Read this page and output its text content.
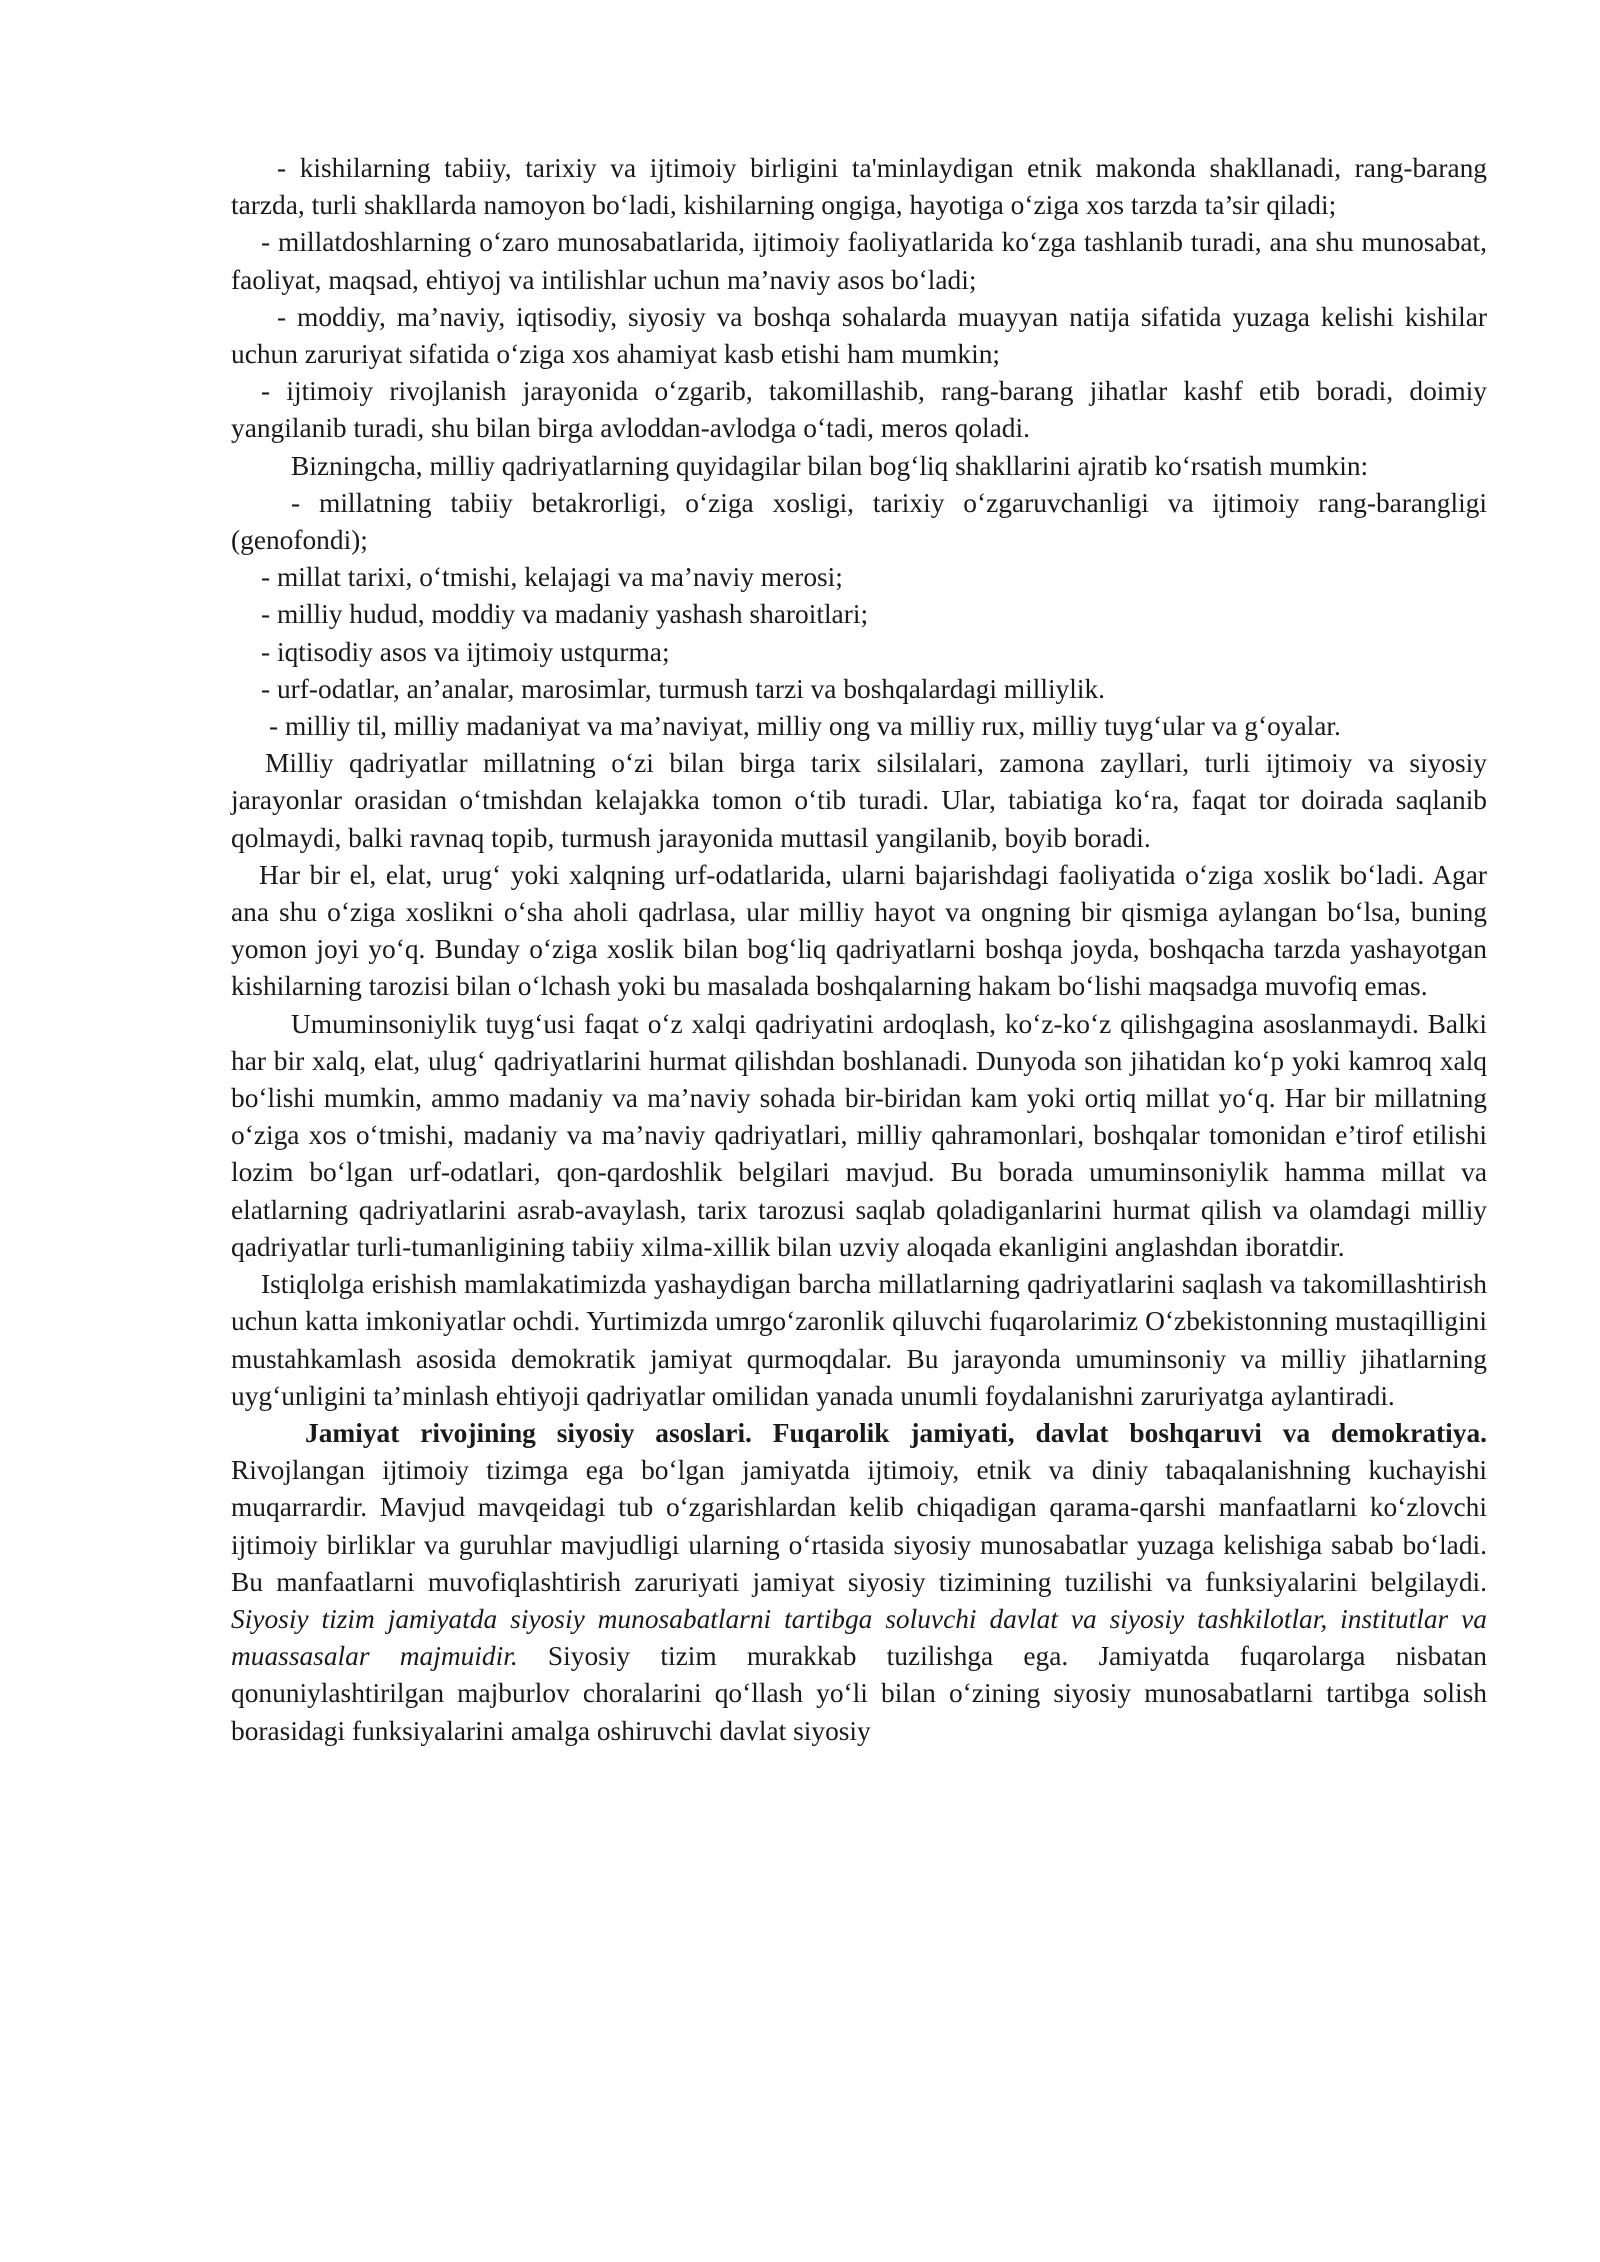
- kishilarning tabiiy, tarixiy va ijtimoiy birligini ta'minlaydigan etnik makonda shakllanadi, rang-barang tarzda, turli shakllarda namoyon bo‘ladi, kishilarning ongiga, hayotiga o‘ziga xos tarzda ta’sir qiladi;

- millatdoshlarning o‘zaro munosabatlarida, ijtimoiy faoliyatlarida ko‘zga tashlanib turadi, ana shu munosabat, faoliyat, maqsad, ehtiyoj va intilishlar uchun ma’naviy asos bo‘ladi;

- moddiy, ma’naviy, iqtisodiy, siyosiy va boshqa sohalarda muayyan natija sifatida yuzaga kelishi kishilar uchun zaruriyat sifatida o‘ziga xos ahamiyat kasb etishi ham mumkin;

- ijtimoiy rivojlanish jarayonida o‘zgarib, takomillashib, rang-barang jihatlar kashf etib boradi, doimiy yangilanib turadi, shu bilan birga avloddan-avlodga o‘tadi, meros qoladi.

Bizningcha, milliy qadriyatlarning quyidagilar bilan bog‘liq shakllarini ajratib ko‘rsatish mumkin:

- millatning tabiiy betakrorligi, o‘ziga xosligi, tarixiy o‘zgaruvchanligi va ijtimoiy rang-barangligi (genofondi);

- millat tarixi, o‘tmishi, kelajagi va ma’naviy merosi;

- milliy hudud, moddiy va madaniy yashash sharoitlari;

- iqtisodiy asos va ijtimoiy ustqurma;

- urf-odatlar, an’analar, marosimlar, turmush tarzi va boshqalardagi milliylik.

- milliy til, milliy madaniyat va ma’naviyat, milliy ong va milliy rux, milliy tuyg‘ular va g‘oyalar.

Milliy qadriyatlar millatning o‘zi bilan birga tarix silsilalari, zamona zayllari, turli ijtimoiy va siyosiy jarayonlar orasidan o‘tmishdan kelajakka tomon o‘tib turadi. Ular, tabiatiga ko‘ra, faqat tor doirada saqlanib qolmaydi, balki ravnaq topib, turmush jarayonida muttasil yangilanib, boyib boradi.

Har bir el, elat, urug‘ yoki xalqning urf-odatlarida, ularni bajarishdagi faoliyatida o‘ziga xoslik bo‘ladi. Agar ana shu o‘ziga xoslikni o‘sha aholi qadrlasa, ular milliy hayot va ongning bir qismiga aylangan bo‘lsa, buning yomon joyi yo‘q. Bunday o‘ziga xoslik bilan bog‘liq qadriyatlarni boshqa joyda, boshqacha tarzda yashayotgan kishilarning tarozisi bilan o‘lchash yoki bu masalada boshqalarning hakam bo‘lishi maqsadga muvofiq emas.

Umuminsoniylik tuyg‘usi faqat o‘z xalqi qadriyatini ardoqlash, ko‘z-ko‘z qilishgagina asoslanmaydi. Balki har bir xalq, elat, ulug‘ qadriyatlarini hurmat qilishdan boshlanadi. Dunyoda son jihatidan ko‘p yoki kamroq xalq bo‘lishi mumkin, ammo madaniy va ma’naviy sohada bir-biridan kam yoki ortiq millat yo‘q. Har bir millatning o‘ziga xos o‘tmishi, madaniy va ma’naviy qadriyatlari, milliy qahramonlari, boshqalar tomonidan e’tirof etilishi lozim bo‘lgan urf-odatlari, qon-qardoshlik belgilari mavjud. Bu borada umuminsoniylik hamma millat va elatlarning qadriyatlarini asrab-avaylash, tarix tarozusi saqlab qoladiganlarini hurmat qilish va olamdagi milliy qadriyatlar turli-tumanligining tabiiy xilma-xillik bilan uzviy aloqada ekanligini anglashdan iboratdir.

Istiqlolga erishish mamlakatimizda yashaydigan barcha millatlarning qadriyatlarini saqlash va takomillashtirish uchun katta imkoniyatlar ochdi. Yurtimizda umrgo‘zaronlik qiluvchi fuqarolarimiz O‘zbekistonning mustaqilligini mustahkamlash asosida demokratik jamiyat qurmoqdalar. Bu jarayonda umuminsoniy va milliy jihatlarning uyg‘unligini ta’minlash ehtiyoji qadriyatlar omilidan yanada unumli foydalanishni zaruriyatga aylantiradi.

Jamiyat rivojining siyosiy asoslari. Fuqarolik jamiyati, davlat boshqaruvi va demokratiya. Rivojlangan ijtimoiy tizimga ega bo‘lgan jamiyatda ijtimoiy, etnik va diniy tabaqalanishning kuchayishi muqarrardir. Mavjud mavqeidagi tub o‘zgarishlardan kelib chiqadigan qarama-qarshi manfaatlarni ko‘zlovchi ijtimoiy birliklar va guruhlar mavjudligi ularning o‘rtasida siyosiy munosabatlar yuzaga kelishiga sabab bo‘ladi. Bu manfaatlarni muvofiqlashtirish zaruriyati jamiyat siyosiy tizimining tuzilishi va funksiyalarini belgilaydi. Siyosiy tizim jamiyatda siyosiy munosabatlarni tartibga soluvchi davlat va siyosiy tashkilotlar, institutlar va muassasalar majmuidir. Siyosiy tizim murakkab tuzilishga ega. Jamiyatda fuqarolarga nisbatan qonuniylashtirilgan majburlov choralarini qo‘llash yo‘li bilan o‘zining siyosiy munosabatlarni tartibga solish borasidagi funksiyalarini amalga oshiruvchi davlat siyosiy
